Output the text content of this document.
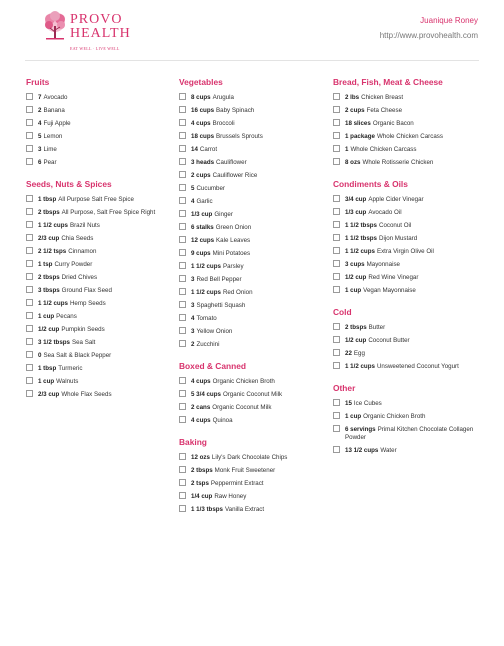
PROVO
HEALTH
EAT WELL · LIVE WELL
Juanique Roney
http://www.provohealth.com
Fruits
7 Avocado
2 Banana
4 Fuji Apple
5 Lemon
3 Lime
6 Pear
Seeds, Nuts & Spices
1 tbsp All Purpose Salt Free Spice
2 tbsps All Purpose, Salt Free Spice Right
1 1/2 cups Brazil Nuts
2/3 cup Chia Seeds
2 1/2 tsps Cinnamon
1 tsp Curry Powder
2 tbsps Dried Chives
3 tbsps Ground Flax Seed
1 1/2 cups Hemp Seeds
1 cup Pecans
1/2 cup Pumpkin Seeds
3 1/2 tbsps Sea Salt
0 Sea Salt & Black Pepper
1 tbsp Turmeric
1 cup Walnuts
2/3 cup Whole Flax Seeds
Vegetables
8 cups Arugula
16 cups Baby Spinach
4 cups Broccoli
18 cups Brussels Sprouts
14 Carrot
3 heads Cauliflower
2 cups Cauliflower Rice
5 Cucumber
4 Garlic
1/3 cup Ginger
6 stalks Green Onion
12 cups Kale Leaves
9 cups Mini Potatoes
1 1/2 cups Parsley
3 Red Bell Pepper
1 1/2 cups Red Onion
3 Spaghetti Squash
4 Tomato
3 Yellow Onion
2 Zucchini
Boxed & Canned
4 cups Organic Chicken Broth
5 3/4 cups Organic Coconut Milk
2 cans Organic Coconut Milk
4 cups Quinoa
Baking
12 ozs Lily's Dark Chocolate Chips
2 tbsps Monk Fruit Sweetener
2 tsps Peppermint Extract
1/4 cup Raw Honey
1 1/3 tbsps Vanilla Extract
Bread, Fish, Meat & Cheese
2 lbs Chicken Breast
2 cups Feta Cheese
18 slices Organic Bacon
1 package Whole Chicken Carcass
1 Whole Chicken Carcass
8 ozs Whole Rotisserie Chicken
Condiments & Oils
3/4 cup Apple Cider Vinegar
1/3 cup Avocado Oil
1 1/2 tbsps Coconut Oil
1 1/2 tbsps Dijon Mustard
1 1/2 cups Extra Virgin Olive Oil
3 cups Mayonnaise
1/2 cup Red Wine Vinegar
1 cup Vegan Mayonnaise
Cold
2 tbsps Butter
1/2 cup Coconut Butter
22 Egg
1 1/2 cups Unsweetened Coconut Yogurt
Other
15 Ice Cubes
1 cup Organic Chicken Broth
6 servings Primal Kitchen Chocolate Collagen Powder
13 1/2 cups Water
